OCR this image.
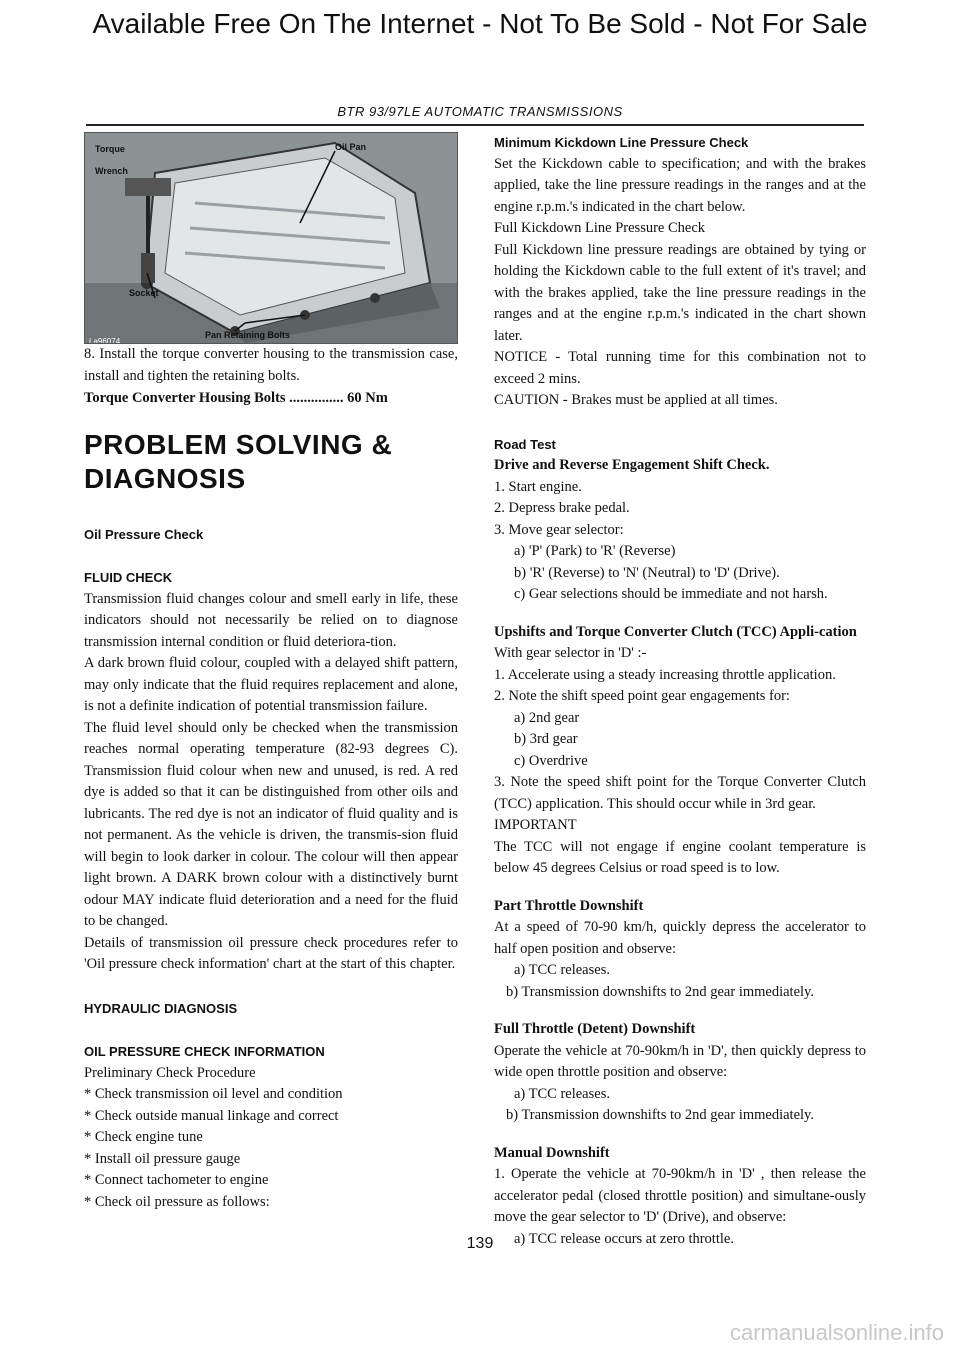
Available Free On The Internet - Not To Be Sold - Not For Sale
BTR 93/97LE AUTOMATIC TRANSMISSIONS
Torque
Wrench
Oil Pan
Socket
Pan Retaining Bolts
La96074

8. Install the torque converter housing to the transmission case, install and tighten the retaining bolts.

Torque Converter Housing Bolts ............... 60 Nm

PROBLEM SOLVING & DIAGNOSIS

Oil Pressure Check

FLUID CHECK

Transmission fluid changes colour and smell early in life, these indicators should not necessarily be relied on to diagnose transmission internal condition or fluid deteriora-tion.

A dark brown fluid colour, coupled with a delayed shift pattern, may only indicate that the fluid requires replacement and alone, is not a definite indication of potential transmission failure.

The fluid level should only be checked when the transmission reaches normal operating temperature (82-93 degrees C). Transmission fluid colour when new and unused, is red. A red dye is added so that it can be distinguished from other oils and lubricants. The red dye is not an indicator of fluid quality and is not permanent. As the vehicle is driven, the transmis-sion fluid will begin to look darker in colour. The colour will then appear light brown. A DARK brown colour with a distinctively burnt odour MAY indicate fluid deterioration and a need for the fluid to be changed.

Details of transmission oil pressure check procedures refer to 'Oil pressure check information' chart at the start of this chapter.

HYDRAULIC DIAGNOSIS

OIL PRESSURE CHECK INFORMATION

Preliminary Check Procedure

* Check transmission oil level and condition

* Check outside manual linkage and correct

* Check engine tune

* Install oil pressure gauge

* Connect tachometer to engine

* Check oil pressure as follows:

Minimum Kickdown Line Pressure Check

Set the Kickdown cable to specification; and with the brakes applied, take the line pressure readings in the ranges and at the engine r.p.m.'s indicated in the chart below.

Full Kickdown Line Pressure Check

Full Kickdown line pressure readings are obtained by tying or holding the Kickdown cable to the full extent of it's travel; and with the brakes applied, take the line pressure readings in the ranges and at the engine r.p.m.'s indicated in the chart shown later.

NOTICE - Total running time for this combination not to exceed 2 mins.

CAUTION - Brakes must be applied at all times.

Road Test

Drive and Reverse Engagement Shift Check.

1. Start engine.

2. Depress brake pedal.

3. Move gear selector:

a) 'P' (Park) to 'R' (Reverse)

b) 'R' (Reverse) to 'N' (Neutral) to 'D' (Drive).

c) Gear selections should be immediate and not harsh.

Upshifts and Torque Converter Clutch (TCC) Appli-cation

With gear selector in 'D' :-

1. Accelerate using a steady increasing throttle application.

2. Note the shift speed point gear engagements for:

a) 2nd gear

b) 3rd gear

c) Overdrive

3. Note the speed shift point for the Torque Converter Clutch (TCC) application. This should occur while in 3rd gear.

IMPORTANT

The TCC will not engage if engine coolant temperature is below 45 degrees Celsius or road speed is to low.

Part Throttle Downshift

At a speed of 70-90 km/h, quickly depress the accelerator to half open position and observe:

a) TCC releases.

b) Transmission downshifts to 2nd gear immediately.

Full Throttle (Detent) Downshift

Operate the vehicle at 70-90km/h in 'D', then quickly depress to wide open throttle position and observe:

a) TCC releases.

b) Transmission downshifts to 2nd gear immediately.

Manual Downshift

1. Operate the vehicle at 70-90km/h in 'D' , then release the accelerator pedal (closed throttle position) and simultane-ously move the gear selector to 'D' (Drive), and observe:

a) TCC release occurs at zero throttle.

139
carmanualsonline.info
